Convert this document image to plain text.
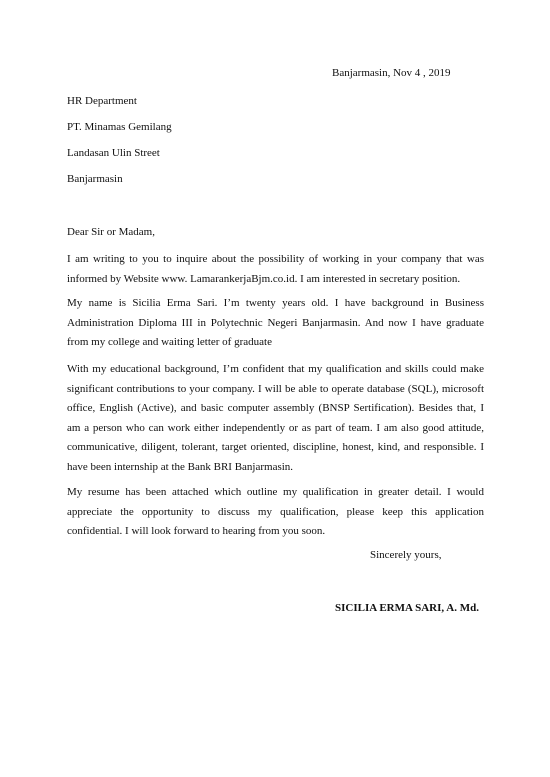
Banjarmasin, Nov 4 , 2019
HR Department
PT. Minamas Gemilang
Landasan Ulin Street
Banjarmasin
Dear Sir or Madam,
I am writing to you to inquire about the possibility of working in your company that was informed by Website www. LamarankerjaBjm.co.id. I am interested in secretary position.
My name is Sicilia Erma Sari. I’m twenty years old. I have background in Business Administration Diploma III in Polytechnic Negeri Banjarmasin. And now I have graduate from my college and waiting letter of graduate
With my educational background, I’m confident that my qualification and skills could make significant contributions to your company. I will be able to operate database (SQL), microsoft office, English (Active), and basic computer assembly (BNSP Sertification). Besides that, I am a person who can work either independently or as part of team. I am also good attitude, communicative, diligent, tolerant, target oriented, discipline, honest, kind, and responsible. I have been internship at the Bank BRI Banjarmasin.
My resume has been attached which outline my qualification in greater detail. I would appreciate the opportunity to discuss my qualification, please keep this application confidential. I will look forward to hearing from you soon.
Sincerely yours,
SICILIA ERMA SARI, A. Md.
